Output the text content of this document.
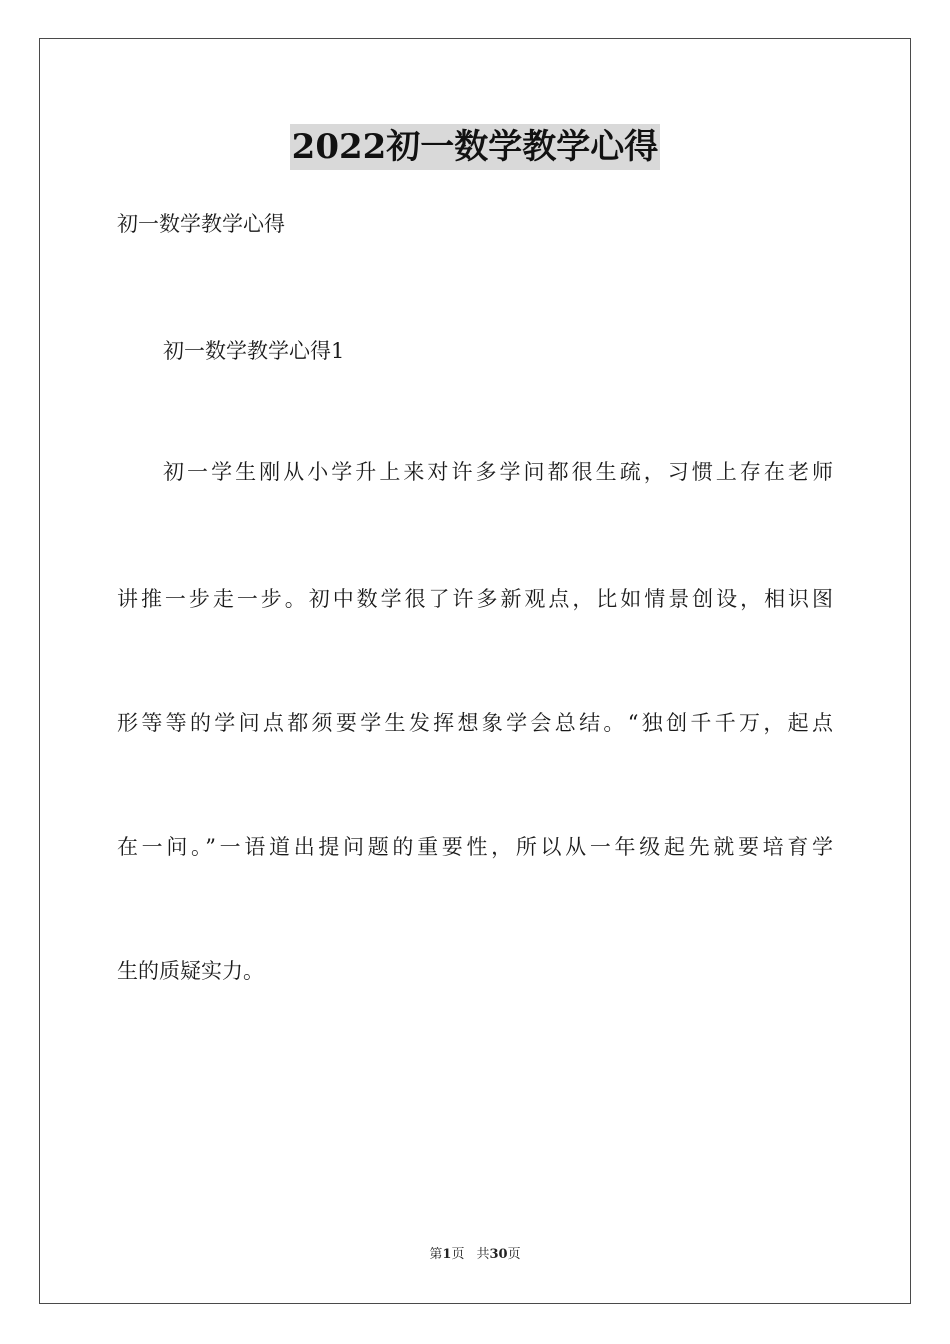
2022初一数学教学心得
初一数学教学心得
初一数学教学心得1
初一学生刚从小学升上来对许多学问都很生疏，习惯上存在老师
讲推一步走一步。初中数学很了许多新观点，比如情景创设，相识图
形等等的学问点都须要学生发挥想象学会总结。“独创千千万，起点
在一问。”一语道出提问题的重要性，所以从一年级起先就要培育学
生的质疑实力。
第1页 共30页
